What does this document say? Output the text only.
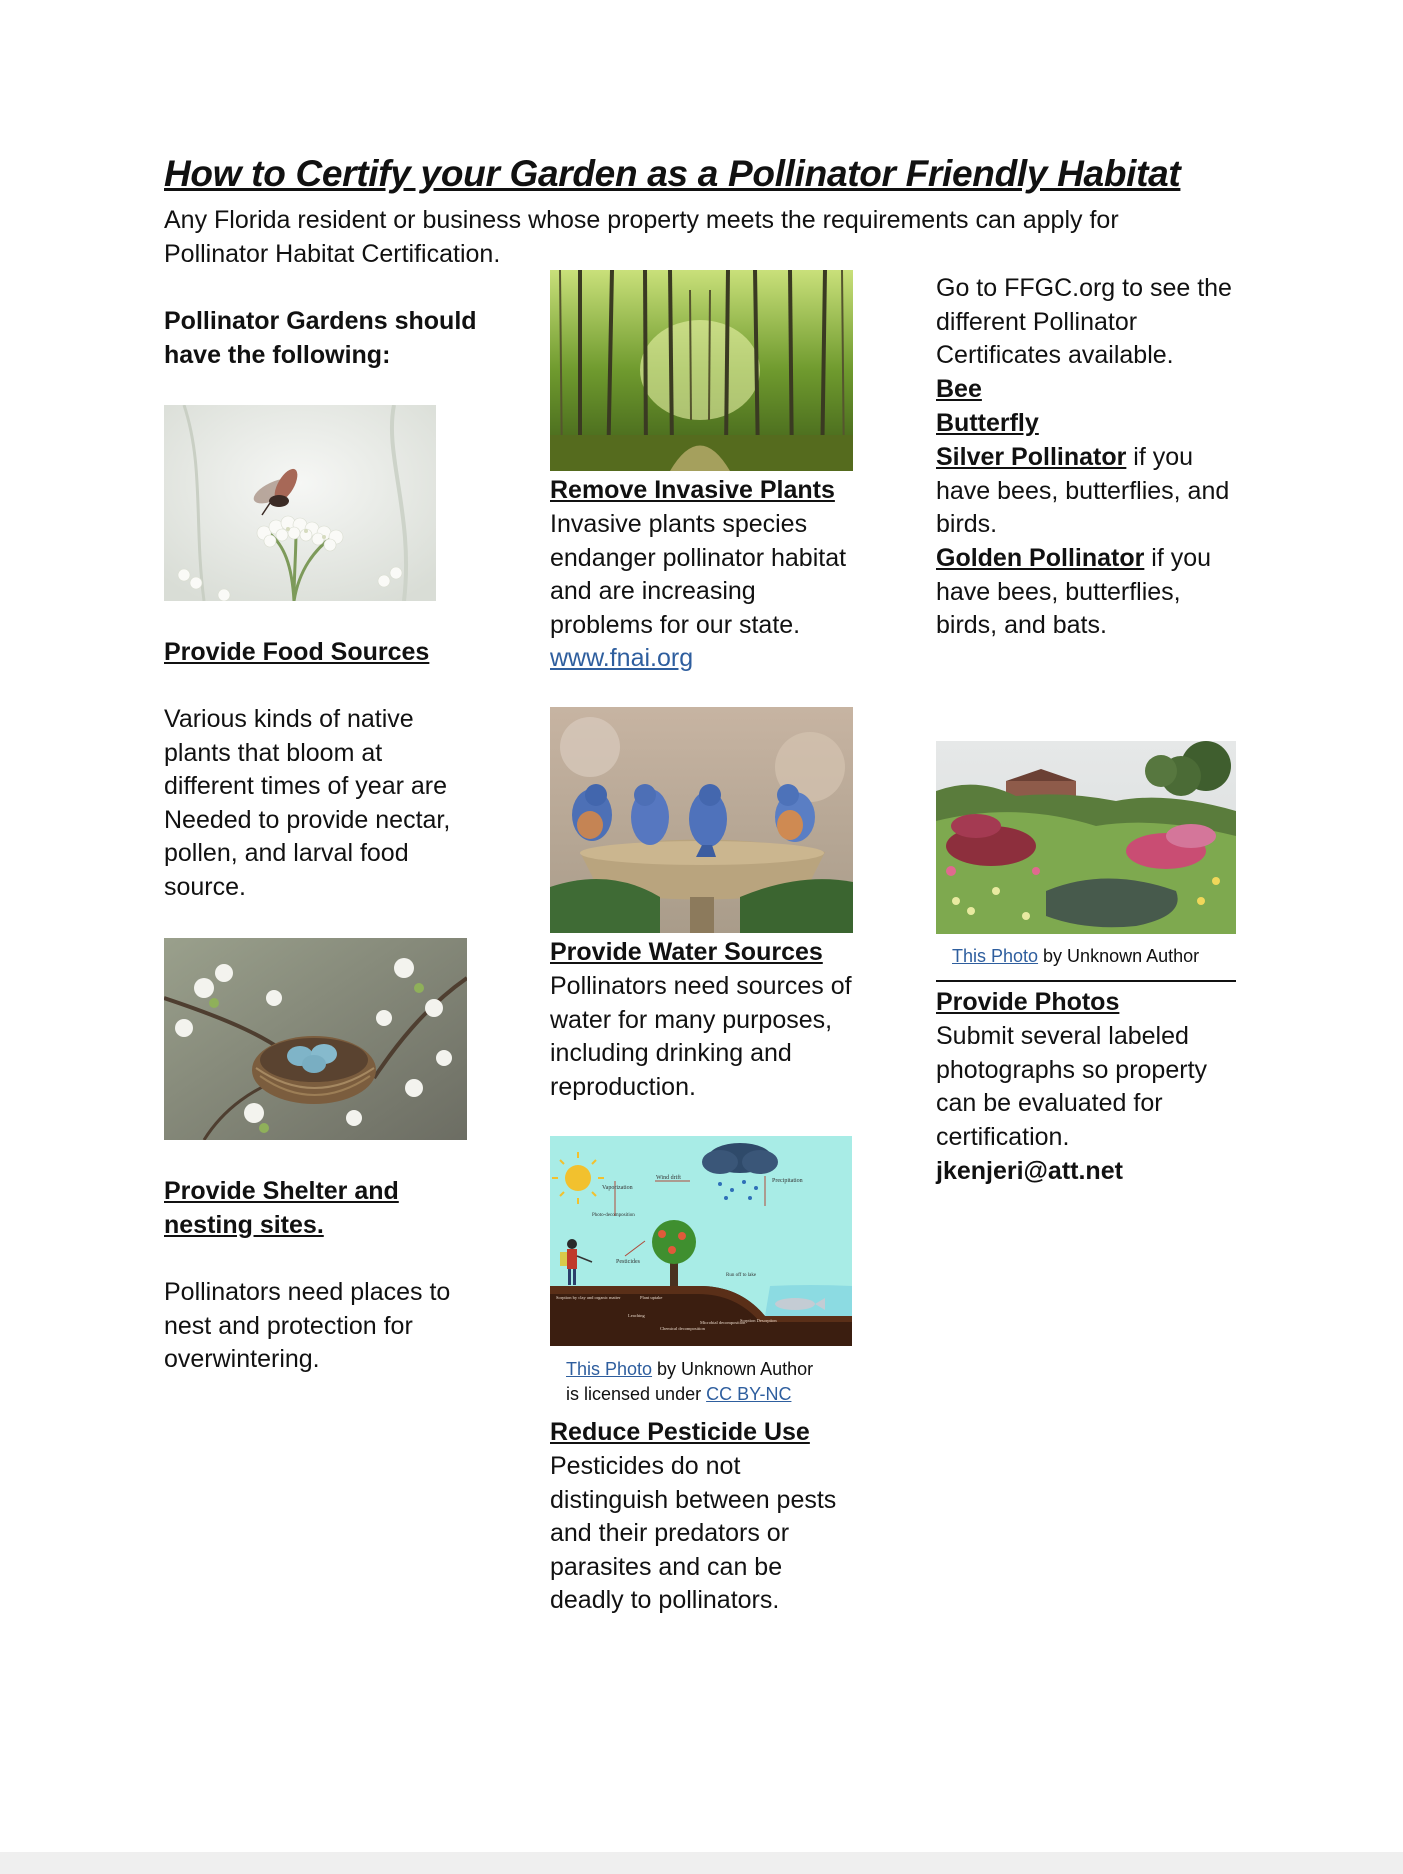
How to Certify your Garden as a Pollinator Friendly Habitat
Any Florida resident or business whose property meets the requirements can apply for Pollinator Habitat Certification.
Pollinator Gardens should
have the following:
Provide Food Sources
Various kinds of native plants that bloom at different times of year are Needed to provide nectar, pollen, and larval food source.
Provide Shelter and nesting sites.
Pollinators need places to nest and protection for overwintering.
Remove Invasive Plants
Invasive plants species endanger pollinator habitat and are increasing problems for our state.
www.fnai.org
Provide Water Sources
Pollinators need sources of water for many purposes, including drinking and reproduction.
Vaporization
Wind drift	Precipitation
Photo-decomposition
Pesticides
Run off to lake
Sorption by clay and organic matter	Plant uptake
Leaching
Chemical decomposition
Microbial decomposition
Sorption Desorption
This Photo by Unknown Author
is licensed under CC BY-NC
Reduce Pesticide Use
Pesticides do not distinguish between pests and their predators or parasites and can be deadly to pollinators.
Go to FFGC.org to see the different Pollinator Certificates available.
Bee
Butterfly
Silver Pollinator if you have bees, butterflies, and birds.
Golden Pollinator if you have bees, butterflies, birds, and bats.
This Photo by Unknown Author
Provide Photos
Submit several labeled photographs so property can be evaluated for certification.
jkenjeri@att.net
